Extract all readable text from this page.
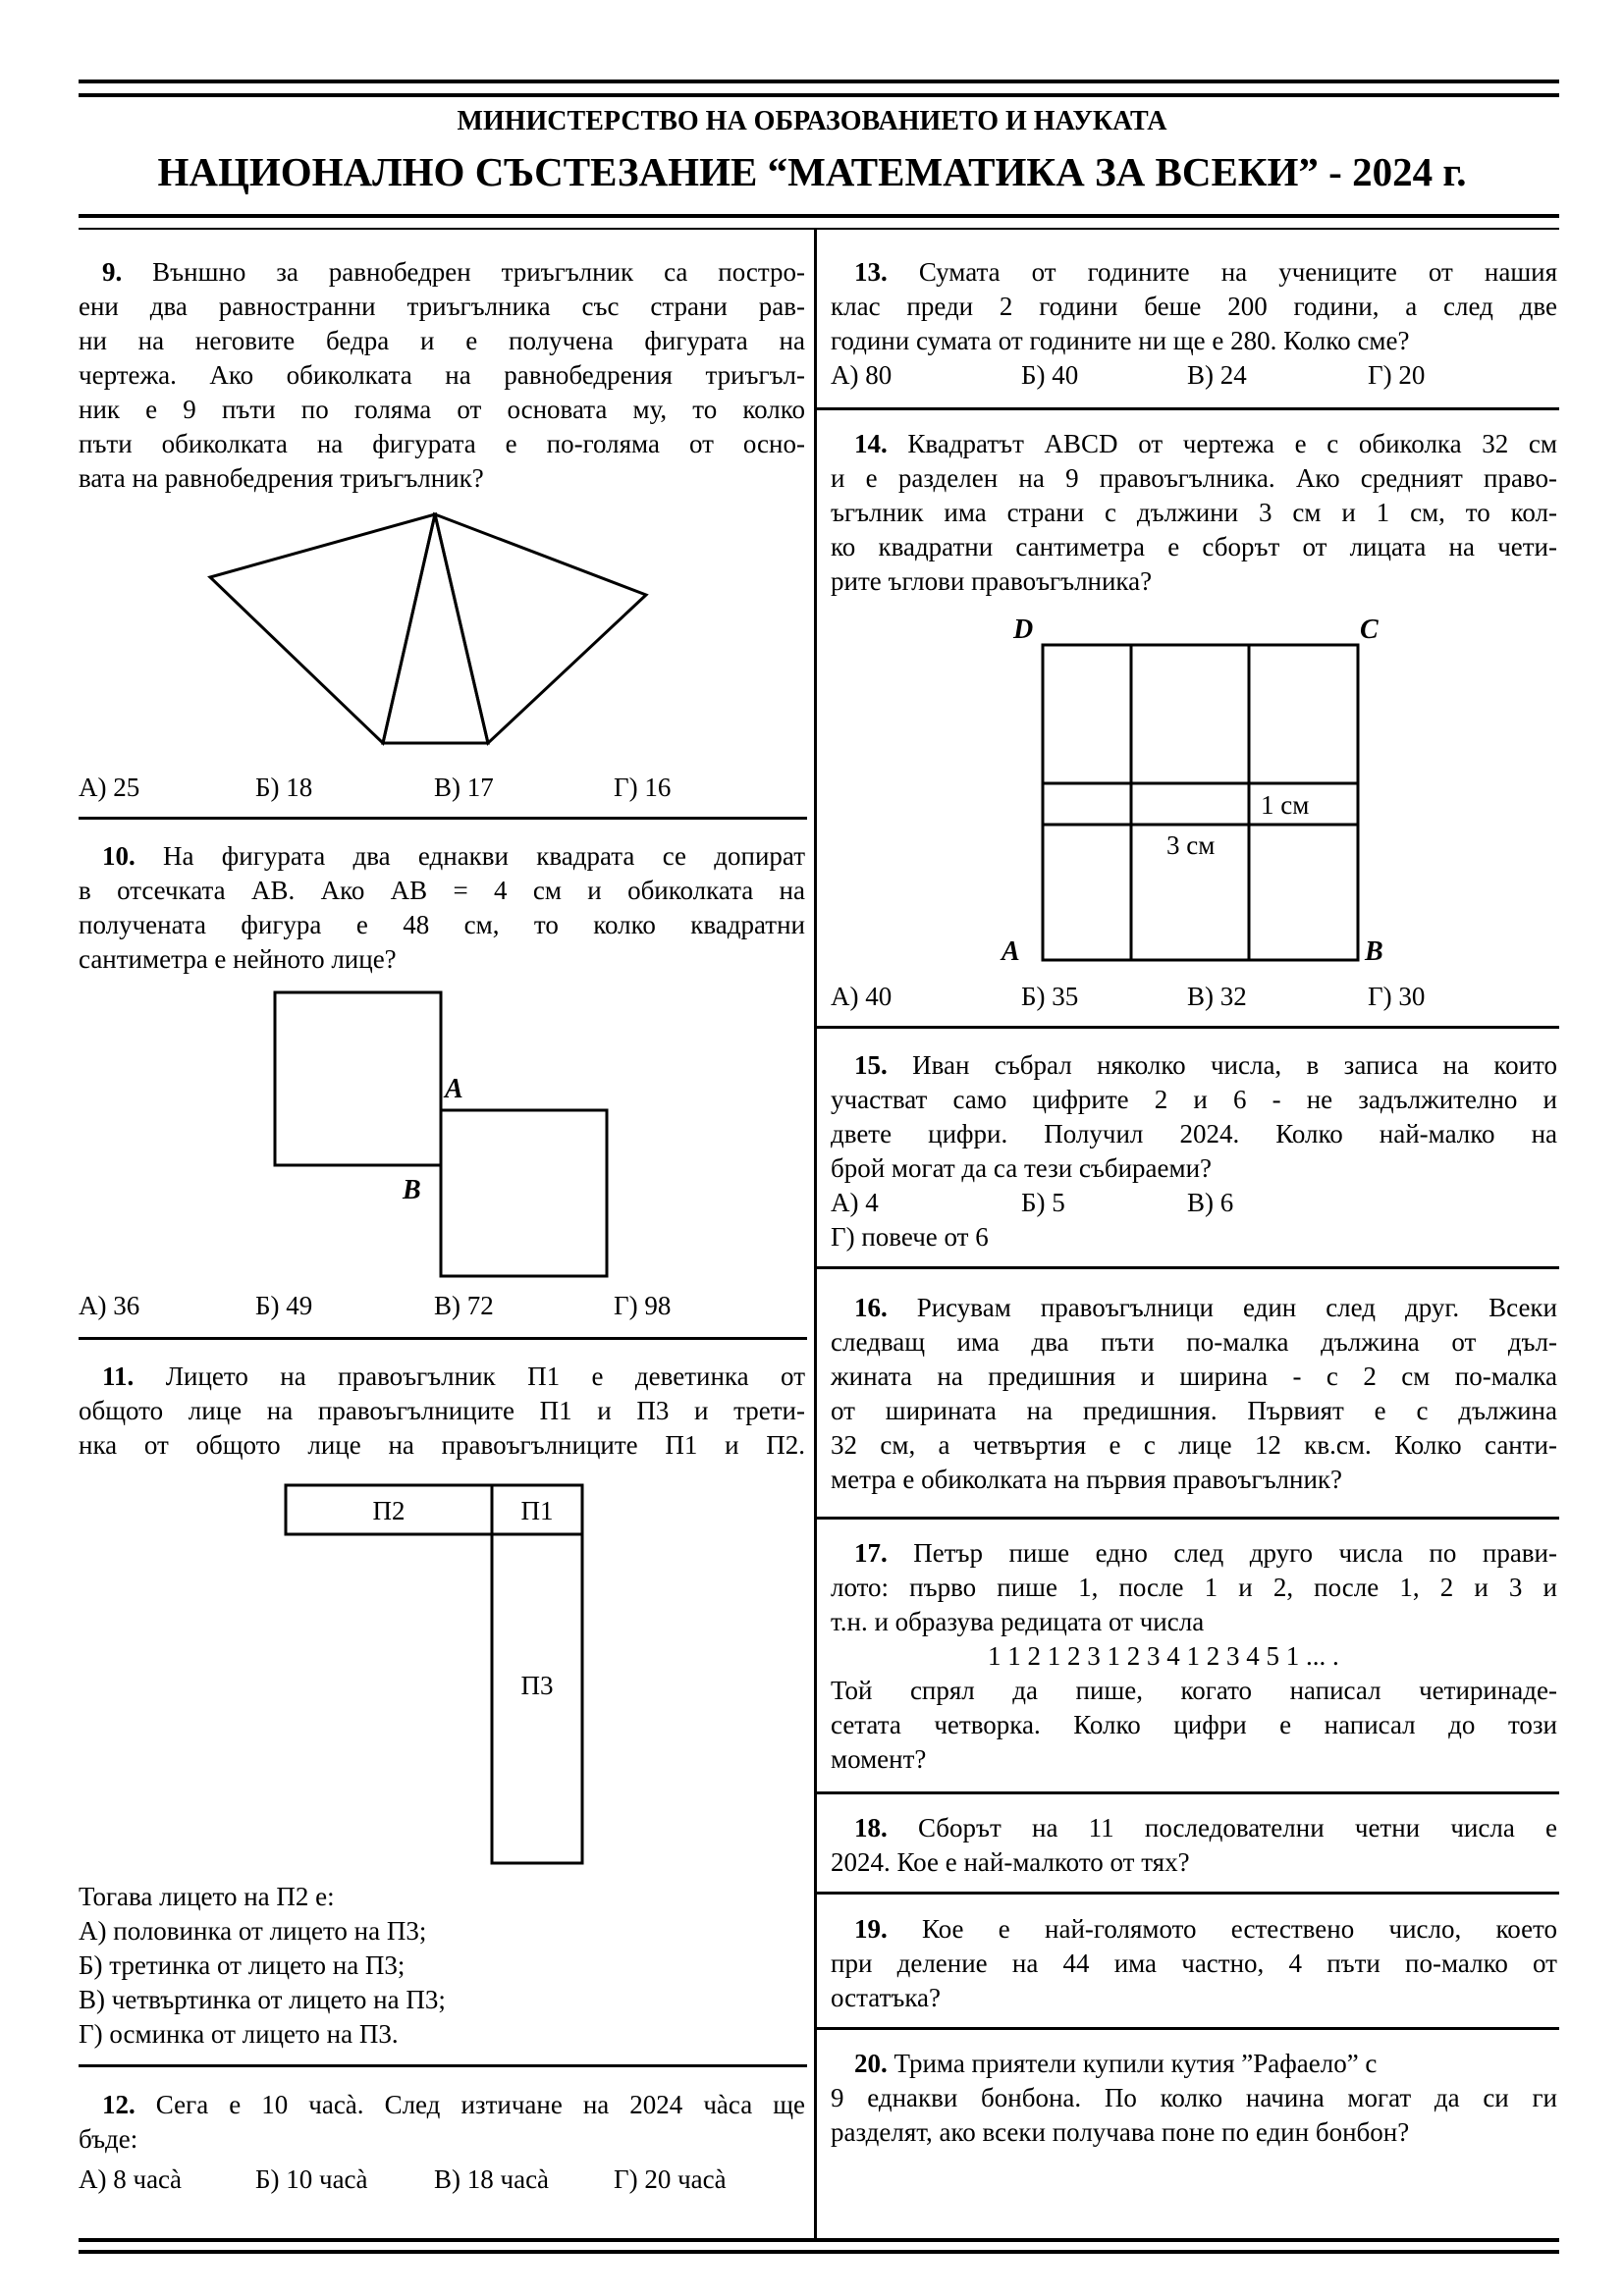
МИНИСТЕРСТВО НА ОБРАЗОВАНИЕТО И НАУКАТА
НАЦИОНАЛНО СЪСТЕЗАНИЕ “МАТЕМАТИКА ЗА ВСЕКИ” - 2024 г.
9. Външно за равнобедрен триъгълник са постро-
ени два равностранни триъгълника със страни рав-
ни на неговите бедра и е получена фигурата на
чертежа. Ако обиколката на равнобедрения триъгъл-
ник е 9 пъти по голяма от основата му, то колко
пъти обиколката на фигурата е по-голяма от осно-
вата на равнобедрения триъгълник?
А) 25	Б) 18	В) 17	Г) 16
10. На фигурата два еднакви квадрата се допират
в отсечката AB. Ако AB = 4 см и обиколката на
получената фигура е 48 см, то колко квадратни
сантиметра е нейното лице?
A
B
А) 36	Б) 49	В) 72	Г) 98
11. Лицето на правоъгълник П1 е деветинка от
общото лице на правоъгълниците П1 и П3 и трети-
нка от общото лице на правоъгълниците П1 и П2.
П2	П1
П3
Тогава лицето на П2 е:
А) половинка от лицето на П3;
Б) третинка от лицето на П3;
В) четвъртинка от лицето на П3;
Г) осминка от лицето на П3.
12. Сега е 10 часà. След изтичане на 2024 чàса ще
бъде:
А) 8 часà	Б) 10 часà В) 18 часà Г) 20 часà
13. Сумата от годините на учениците от нашия
клас преди 2 години беше 200 години, а след две
години сумата от годините ни ще е 280. Колко сме?
А) 80	Б) 40	В) 24	Г) 20
14. Квадратът ABCD от чертежа е с обиколка 32 см
и е разделен на 9 правоъгълника. Ако средният право-
ъгълник има страни с дължини 3 см и 1 см, то кол-
ко квадратни сантиметра е сборът от лицата на чети-
рите ъглови правоъгълника?
D	C
A	B
1 см
3 см
А) 40	Б) 35	В) 32	Г) 30
15. Иван събрал няколко числа, в записа на които
участват само цифрите 2 и 6 - не задължително и
двете цифри. Получил 2024. Колко най-малко на
брой могат да са тези събираеми?
А) 4	Б) 5	В) 6
Г) повече от 6
16. Рисувам правоъгълници един след друг. Всеки
следващ има два пъти по-малка дължина от дъл-
жината на предишния и ширина - с 2 см по-малка
от ширината на предишния. Първият е с дължина
32 см, а четвъртия е с лице 12 кв.см. Колко санти-
метра е обиколката на първия правоъгълник?
17. Петър пише едно след друго числа по прави-
лото: първо пише 1, после 1 и 2, после 1, 2 и 3 и
т.н. и образува редицата от числа
1 1 2 1 2 3 1 2 3 4 1 2 3 4 5 1 ... .
Той спрял да пише, когато написал четиринаде-
сетата четворка. Колко цифри е написал до този
момент?
18. Сборът на 11 последователни четни числа е
2024. Кое е най-малкото от тях?
19. Кое е най-голямото естествено число, което
при деление на 44 има частно, 4 пъти по-малко от
остатъка?
20. Трима приятели купили кутия ”Рафаело” с
9 еднакви бонбона. По колко начина могат да си ги
разделят, ако всеки получава поне по един бонбон?
